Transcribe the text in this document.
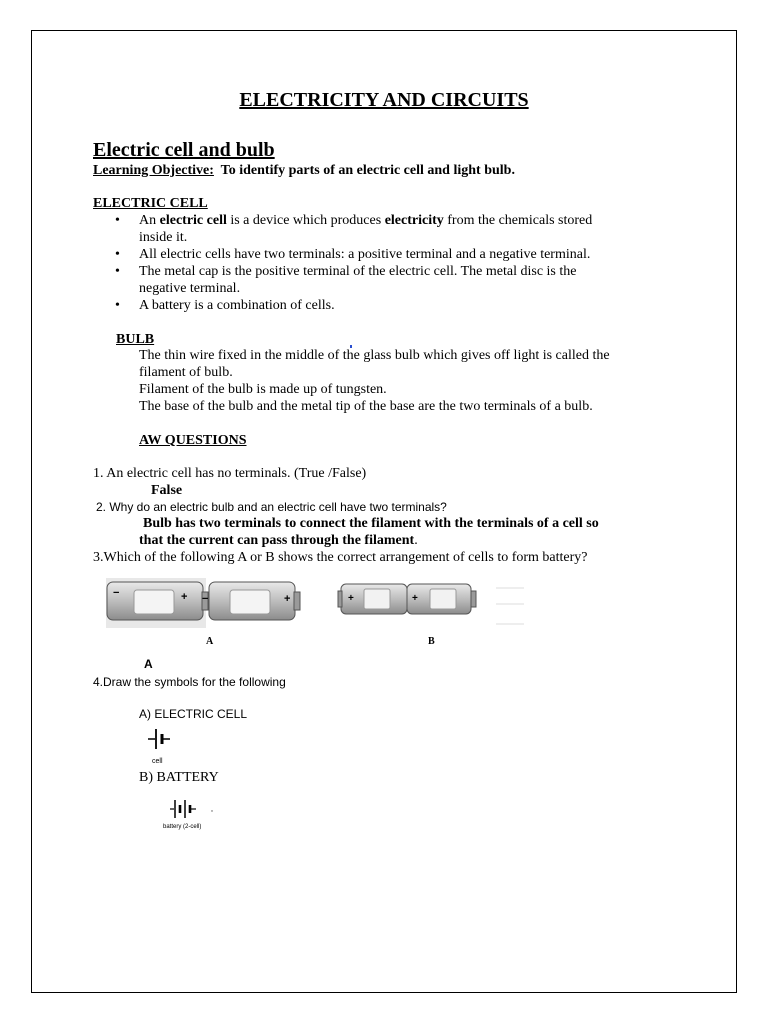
ELECTRICITY AND CIRCUITS
Electric cell and bulb
Learning Objective: To identify parts of an electric cell and light bulb.
ELECTRIC CELL
• An electric cell is a device which produces electricity from the chemicals stored
inside it.
• All electric cells have two terminals: a positive terminal and a negative terminal.
• The metal cap is the positive terminal of the electric cell. The metal disc is the
negative terminal.
• A battery is a combination of cells.
BULB
The thin wire fixed in the middle of the glass bulb which gives off light is called the
filament of bulb.
Filament of the bulb is made up of tungsten.
The base of the bulb and the metal tip of the base are the two terminals of a bulb.
AW QUESTIONS
1. An electric cell has no terminals. (True /False)
False
2. Why do an electric bulb and an electric cell have two terminals?
Bulb has two terminals to connect the filament with the terminals of a cell so
that the current can pass through the filament.
3.Which of the following A or B shows the correct arrangement of cells to form battery?
+
−	−	+
A
+	+
B
A
4.Draw the symbols for the following
A) ELECTRIC CELL
cell
B) BATTERY
battery (2-cell)
